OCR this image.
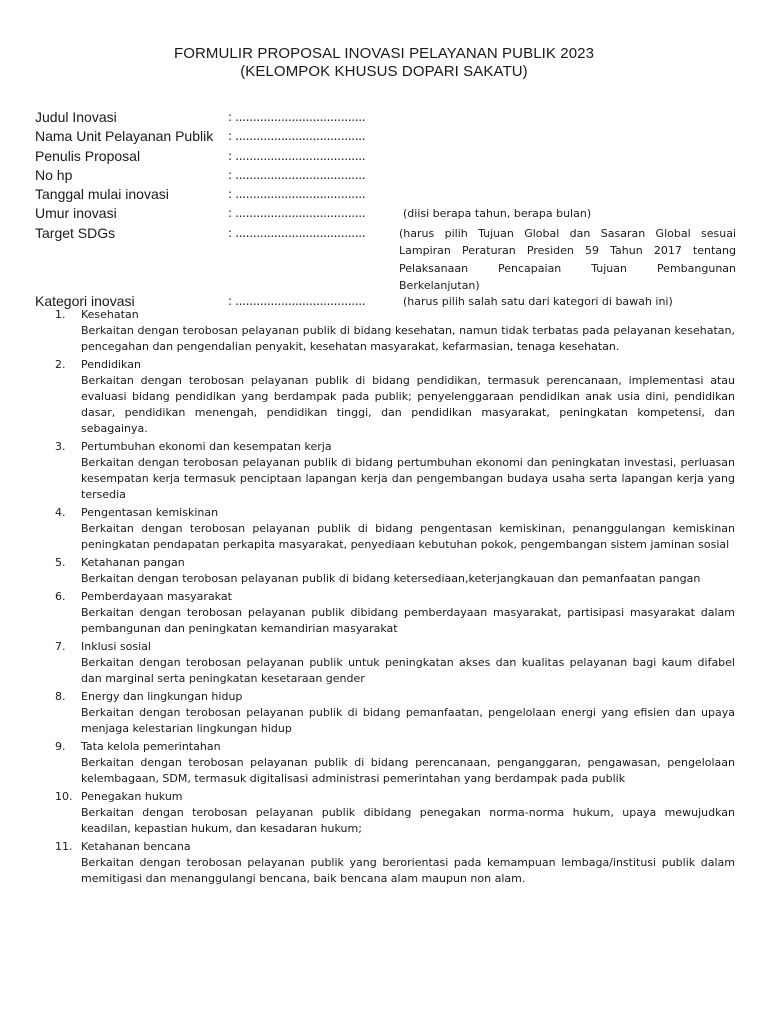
FORMULIR PROPOSAL INOVASI PELAYANAN PUBLIK 2023
(KELOMPOK KHUSUS DOPARI SAKATU)
Judul Inovasi	: .....................................
Nama Unit Pelayanan Publik : .....................................
Penulis Proposal	: .....................................
No hp	: .....................................
Tanggal mulai inovasi	: .....................................
Umur inovasi	: .....................................	(diisi berapa tahun, berapa bulan)
Target SDGs	: .....................................	(harus pilih Tujuan Global dan Sasaran Global sesuai Lampiran Peraturan Presiden 59 Tahun 2017 tentang Pelaksanaan Pencapaian Tujuan Pembangunan Berkelanjutan)
Kategori inovasi	: .....................................	(harus pilih salah satu dari kategori di bawah ini)
1. Kesehatan
Berkaitan dengan terobosan pelayanan publik di bidang kesehatan, namun tidak terbatas pada pelayanan kesehatan, pencegahan dan pengendalian penyakit, kesehatan masyarakat, kefarmasian, tenaga kesehatan.
2. Pendidikan
Berkaitan dengan terobosan pelayanan publik di bidang pendidikan, termasuk perencanaan, implementasi atau evaluasi bidang pendidikan yang berdampak pada publik; penyelenggaraan pendidikan anak usia dini, pendidikan dasar, pendidikan menengah, pendidikan tinggi, dan pendidikan masyarakat, peningkatan kompetensi, dan sebagainya.
3. Pertumbuhan ekonomi dan kesempatan kerja
Berkaitan dengan terobosan pelayanan publik di bidang pertumbuhan ekonomi dan peningkatan investasi, perluasan kesempatan kerja termasuk penciptaan lapangan kerja dan pengembangan budaya usaha serta lapangan kerja yang tersedia
4. Pengentasan kemiskinan
Berkaitan dengan terobosan pelayanan publik di bidang pengentasan kemiskinan, penanggulangan kemiskinan peningkatan pendapatan perkapita masyarakat, penyediaan kebutuhan pokok, pengembangan sistem jaminan sosial
5. Ketahanan pangan
Berkaitan dengan terobosan pelayanan publik di bidang ketersediaan,keterjangkauan dan pemanfaatan pangan
6. Pemberdayaan masyarakat
Berkaitan dengan terobosan pelayanan publik dibidang pemberdayaan masyarakat, partisipasi masyarakat dalam pembangunan dan peningkatan kemandirian masyarakat
7. Inklusi sosial
Berkaitan dengan terobosan pelayanan publik untuk peningkatan akses dan kualitas pelayanan bagi kaum difabel dan marginal serta peningkatan kesetaraan gender
8. Energy dan lingkungan hidup
Berkaitan dengan terobosan pelayanan publik di bidang pemanfaatan, pengelolaan energi yang efisien dan upaya menjaga kelestarian lingkungan hidup
9. Tata kelola pemerintahan
Berkaitan dengan terobosan pelayanan publik di bidang perencanaan, penganggaran, pengawasan, pengelolaan kelembagaan, SDM, termasuk digitalisasi administrasi pemerintahan yang berdampak pada publik
10. Penegakan hukum
Berkaitan dengan terobosan pelayanan publik dibidang penegakan norma-norma hukum, upaya mewujudkan keadilan, kepastian hukum, dan kesadaran hukum;
11. Ketahanan bencana
Berkaitan dengan terobosan pelayanan publik yang berorientasi pada kemampuan lembaga/institusi publik dalam memitigasi dan menanggulangi bencana, baik bencana alam maupun non alam.
